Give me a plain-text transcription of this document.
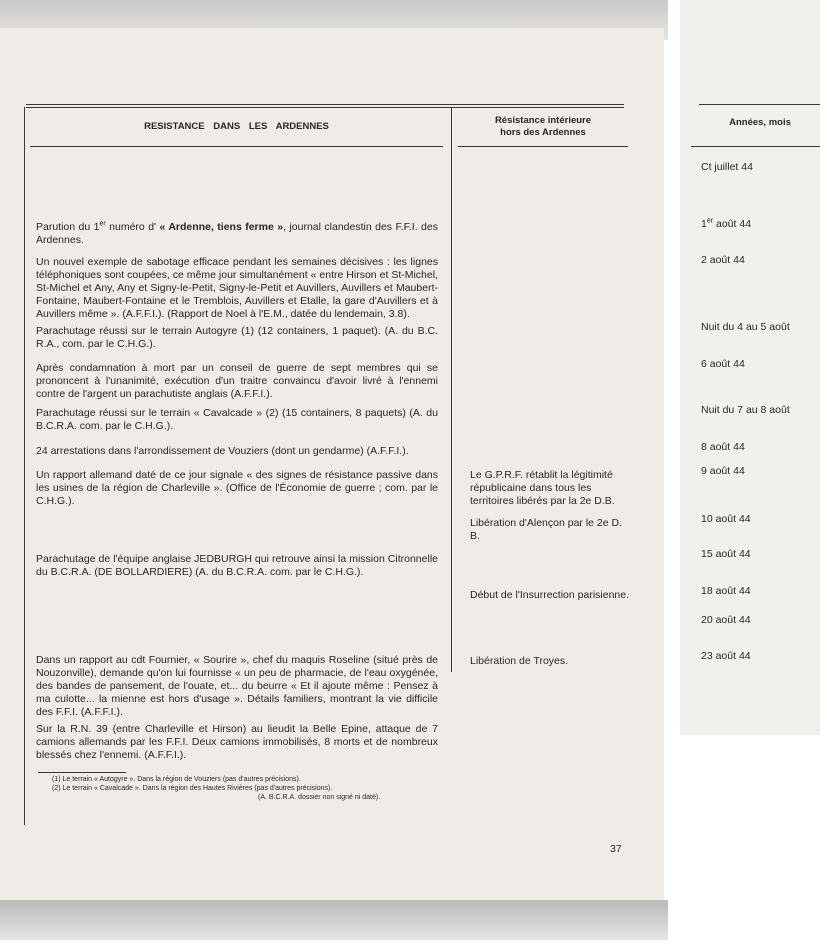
RESISTANCE DANS LES ARDENNES
Résistance intérieure
hors des Ardennes
Années, mois
Parution du 1er numéro d' « Ardenne, tiens ferme », journal clandestin des F.F.I. des Ardennes.
Un nouvel exemple de sabotage efficace pendant les semaines décisives : les lignes téléphoniques sont coupées, ce même jour simultanément « entre Hirson et St-Michel, St-Michel et Any, Any et Signy-le-Petit, Signy-le-Petit et Auvillers, Auvillers et Maubert-Fontaine, Maubert-Fontaine et le Tremblois, Auvillers et Etalle, la gare d'Auvillers et à Auvillers même ». (A.F.F.I.). (Rapport de Noel à l'E.M., datée du lendemain, 3.8).
Parachutage réussi sur le terrain Autogyre (1) (12 containers, 1 paquet). (A. du B.C. R.A., com. par le C.H.G.).
Après condamnation à mort par un conseil de guerre de sept membres qui se prononcent à l'unanimité, exécution d'un traitre convaincu d'avoir livré à l'ennemi contre de l'argent un parachutiste anglais (A.F.F.I.).
Parachutage réussi sur le terrain « Cavalcade » (2) (15 containers, 8 paquets) (A. du B.C.R.A. com. par le C.H.G.).
24 arrestations dans l'arrondissement de Vouziers (dont un gendarme) (A.F.F.I.).
Un rapport allemand daté de ce jour signale « des signes de résistance passive dans les usines de la région de Charleville ». (Office de l'Économie de guerre ; com. par le C.H.G.).
Parachutage de l'équipe anglaise JEDBURGH qui retrouve ainsi la mission Citronnelle du B.C.R.A. (DE BOLLARDIERE) (A. du B.C.R.A. com. par le C.H.G.).
Dans un rapport au cdt Fournier, « Sourire », chef du maquis Roseline (situé près de Nouzonville), demande qu'on lui fournisse « un peu de pharmacie, de l'eau oxygénée, des bandes de pansement, de l'ouate, et... du beurre « Et il ajoute même : Pensez à ma culotte... la mienne est hors d'usage ». Détails familiers, montrant la vie difficile des F.F.I. (A.F.F.I.).
Sur la R.N. 39 (entre Charleville et Hirson) au lieudit la Belle Epine, attaque de 7 camions allemands par les F.F.I. Deux camions immobilisés, 8 morts et de nombreux blessés chez l'ennemi. (A.F.F.I.).
Le G.P.R.F. rétablit la légitimité républicaine dans tous les territoires libérés par la 2e D.B.
Libération d'Alençon par le 2e D. B.
Début de l'Insurrection parisienne.
Libération de Troyes.
Ct juillet 44
1er août 44
2 août 44
Nuit du 4 au 5 août
6 août 44
Nuit du 7 au 8 août
8 août 44
9 août 44
10 août 44
15 août 44
18 août 44
20 août 44
23 août 44
(1) Le terrain « Autogyre ». Dans la région de Vouziers (pas d'autres précisions).
(2) Le terrain « Cavalcade ». Dans la région des Hautes Rivières (pas d'autres précisions).
(A. B.C.R.A. dossier non signé ni daté).
37
